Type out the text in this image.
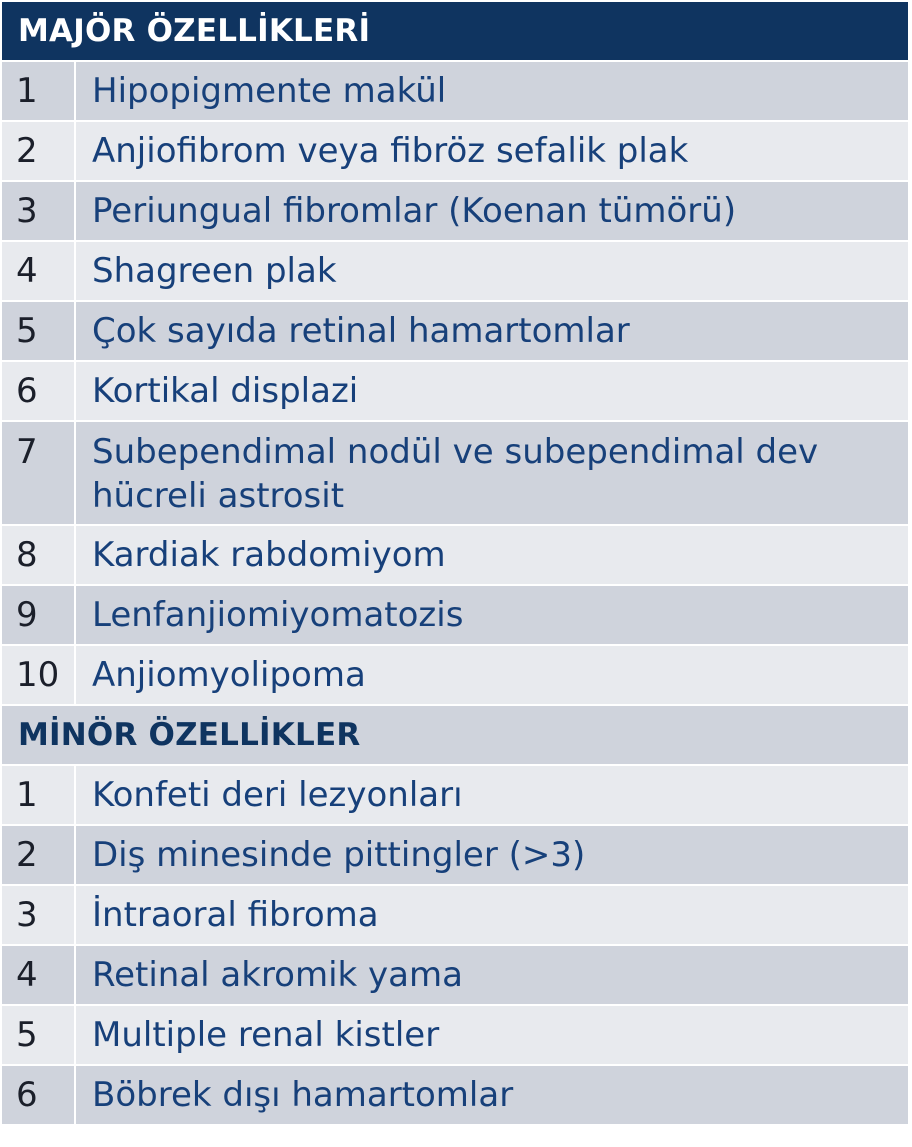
MAJÖR ÖZELLİKLERİ
1	Hipopigmente makül
2	Anjiofibrom veya fibröz sefalik plak
3	Periungual fibromlar (Koenan tümörü)
4	Shagreen plak
5	Çok sayıda retinal hamartomlar
6	Kortikal displazi
7	Subependimal nodül ve subependimal dev hücreli astrosit
8	Kardiak rabdomiyom
9	Lenfanjiomiyomatozis
10 Anjiomyolipoma
MİNÖR ÖZELLİKLER
1	Konfeti deri lezyonları
2	Diş minesinde pittingler (>3)
3	İntraoral fibroma
4	Retinal akromik yama
5	Multiple renal kistler
6	Böbrek dışı hamartomlar
